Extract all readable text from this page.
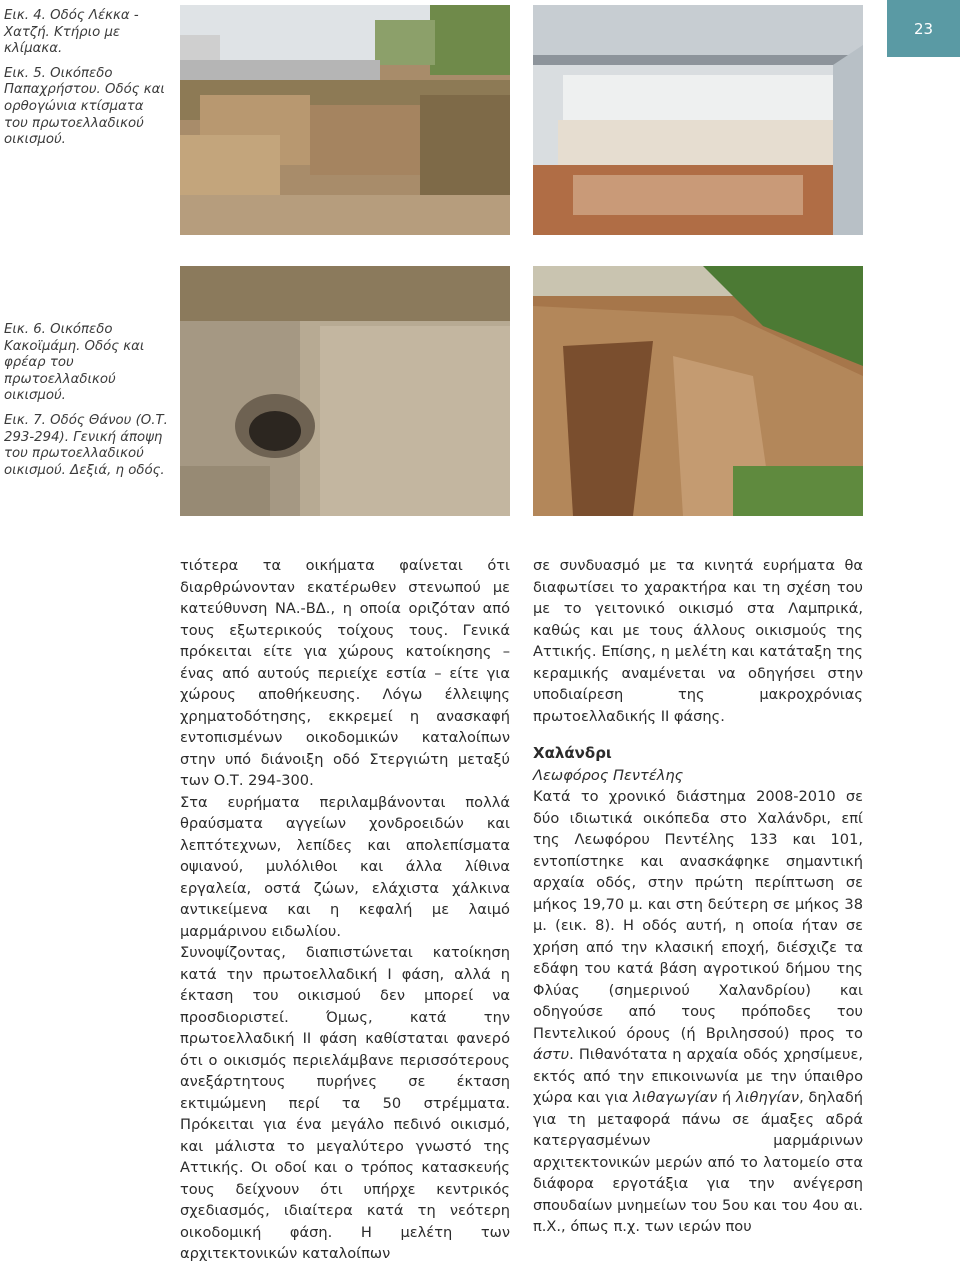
23

Εικ. 4. Οδός Λέκκα - Χατζή. Κτήριο με κλίμακα.

Εικ. 5. Οικόπεδο Παπαχρήστου. Οδός και ορθογώνια κτίσματα του πρωτοελλαδικού οικισμού.

Εικ. 6. Οικόπεδο Κακοϊμάμη. Οδός και φρέαρ του πρωτοελλαδικού οικισμού.

Εικ. 7. Οδός Θάνου (Ο.Τ. 293-294). Γενική άποψη του πρωτοελλαδικού οικισμού. Δεξιά, η οδός.

τιότερα τα οικήματα φαίνεται ότι διαρθρώνονταν εκατέρωθεν στενωπού με κατεύθυνση ΝΑ.-ΒΔ., η οποία οριζόταν από τους εξωτερικούς τοίχους τους. Γενικά πρόκειται είτε για χώρους κατοίκησης – ένας από αυτούς περιείχε εστία – είτε για χώρους αποθήκευσης. Λόγω έλλειψης χρηματοδότησης, εκκρεμεί η ανασκαφή εντοπισμένων οικοδομικών καταλοίπων στην υπό διάνοιξη οδό Στεργιώτη μεταξύ των Ο.Τ. 294-300.

Στα ευρήματα περιλαμβάνονται πολλά θραύσματα αγγείων χονδροειδών και λεπτότεχνων, λεπίδες και απολεπίσματα οψιανού, μυλόλιθοι και άλλα λίθινα εργαλεία, οστά ζώων, ελάχιστα χάλκινα αντικείμενα και η κεφαλή με λαιμό μαρμάρινου ειδωλίου.

Συνοψίζοντας, διαπιστώνεται κατοίκηση κατά την πρωτοελλαδική Ι φάση, αλλά η έκταση του οικισμού δεν μπορεί να προσδιοριστεί. Όμως, κατά την πρωτοελλαδική ΙΙ φάση καθίσταται φανερό ότι ο οικισμός περιελάμβανε περισσότερους ανεξάρτητους πυρήνες σε έκταση εκτιμώμενη περί τα 50 στρέμματα. Πρόκειται για ένα μεγάλο πεδινό οικισμό, και μάλιστα το μεγαλύτερο γνωστό της Αττικής. Οι οδοί και ο τρόπος κατασκευής τους δείχνουν ότι υπήρχε κεντρικός σχεδιασμός, ιδιαίτερα κατά τη νεότερη οικοδομική φάση. Η μελέτη των αρχιτεκτονικών καταλοίπων

σε συνδυασμό με τα κινητά ευρήματα θα διαφωτίσει το χαρακτήρα και τη σχέση του με το γειτονικό οικισμό στα Λαμπρικά, καθώς και με τους άλλους οικισμούς της Αττικής. Επίσης, η μελέτη και κατάταξη της κεραμικής αναμένεται να οδηγήσει στην υποδιαίρεση της μακροχρόνιας πρωτοελλαδικής ΙΙ φάσης.

Χαλάνδρι

Λεωφόρος Πεντέλης

Κατά το χρονικό διάστημα 2008-2010 σε δύο ιδιωτικά οικόπεδα στο Χαλάνδρι, επί της Λεωφόρου Πεντέλης 133 και 101, εντοπίστηκε και ανασκάφηκε σημαντική αρχαία οδός, στην πρώτη περίπτωση σε μήκος 19,70 μ. και στη δεύτερη σε μήκος 38 μ. (εικ. 8). Η οδός αυτή, η οποία ήταν σε χρήση από την κλασική εποχή, διέσχιζε τα εδάφη του κατά βάση αγροτικού δήμου της Φλύας (σημερινού Χαλανδρίου) και οδηγούσε από τους πρόποδες του Πεντελικού όρους (ή Βριλησσού) προς το άστυ. Πιθανότατα η αρχαία οδός χρησίμευε, εκτός από την επικοινωνία με την ύπαιθρο χώρα και για λιθαγωγίαν ή λιθηγίαν, δηλαδή για τη μεταφορά πάνω σε άμαξες αδρά κατεργασμένων μαρμάρινων αρχιτεκτονικών μερών από το λατομείο στα διάφορα εργοτάξια για την ανέγερση σπουδαίων μνημείων του 5ου και του 4ου αι. π.Χ., όπως π.χ. των ιερών που
